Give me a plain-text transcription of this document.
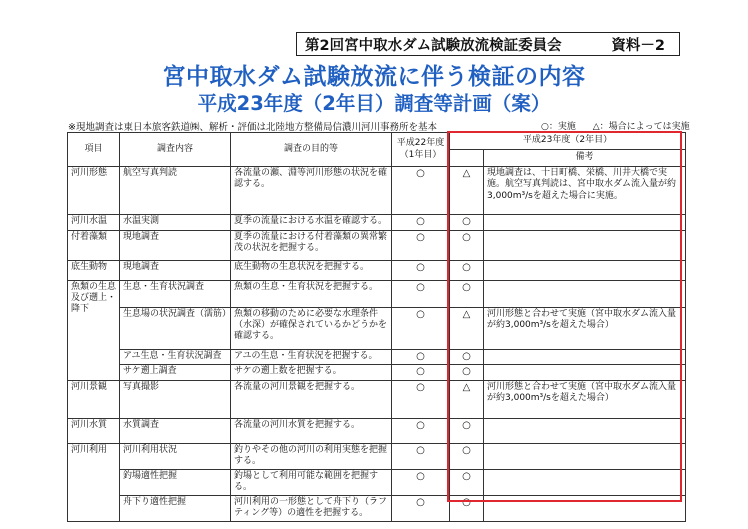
第2回宮中取水ダム試験放流検証委員会	資料－2
宮中取水ダム試験放流に伴う検証の内容
平成23年度（2年目）調査等計画（案）
※現地調査は東日本旅客鉄道㈱、解析・評価は北陸地方整備局信濃川河川事務所を基本	○：実施 △：場合によっては実施
項目	調査内容	調査の目的等	平成22年度
（1年目）	平成23年度（2年目）	
					備考
河川形態	航空写真判読	各流量の瀬、淵等河川形態の状況を確認する。	○	△	現地調査は、十日町橋、栄橋、川井大橋で実施。航空写真判読は、宮中取水ダム流入量が約3,000m³/sを超えた場合に実施。
河川水温	水温実測	夏季の流量における水温を確認する。	○	○	
付着藻類	現地調査	夏季の流量における付着藻類の異常繁茂の状況を把握する。	○	○	
底生動物	現地調査	底生動物の生息状況を把握する。	○	○	
魚類の生息及び遡上・降下	生息・生育状況調査	魚類の生息・生育状況を把握する。	○	○	
	生息場の状況調査（濡筋）	魚類の移動のために必要な水理条件（水深）が確保されているかどうかを確認する。	○	△	河川形態と合わせて実施（宮中取水ダム流入量が約3,000m³/sを超えた場合）
	アユ生息・生育状況調査	アユの生息・生育状況を把握する。	○	○	
	サケ遡上調査	サケの遡上数を把握する。	○	○	
河川景観	写真撮影	各流量の河川景観を把握する。	○	△	河川形態と合わせて実施（宮中取水ダム流入量が約3,000m³/sを超えた場合）
河川水質	水質調査	各流量の河川水質を把握する。	○	○	
河川利用	河川利用状況	釣りやその他の河川の利用実態を把握する。	○	○	
	釣場適性把握	釣場として利用可能な範囲を把握する。	○	○	
	舟下り適性把握	河川利用の一形態として舟下り（ラフティング等）の適性を把握する。	○	○	
